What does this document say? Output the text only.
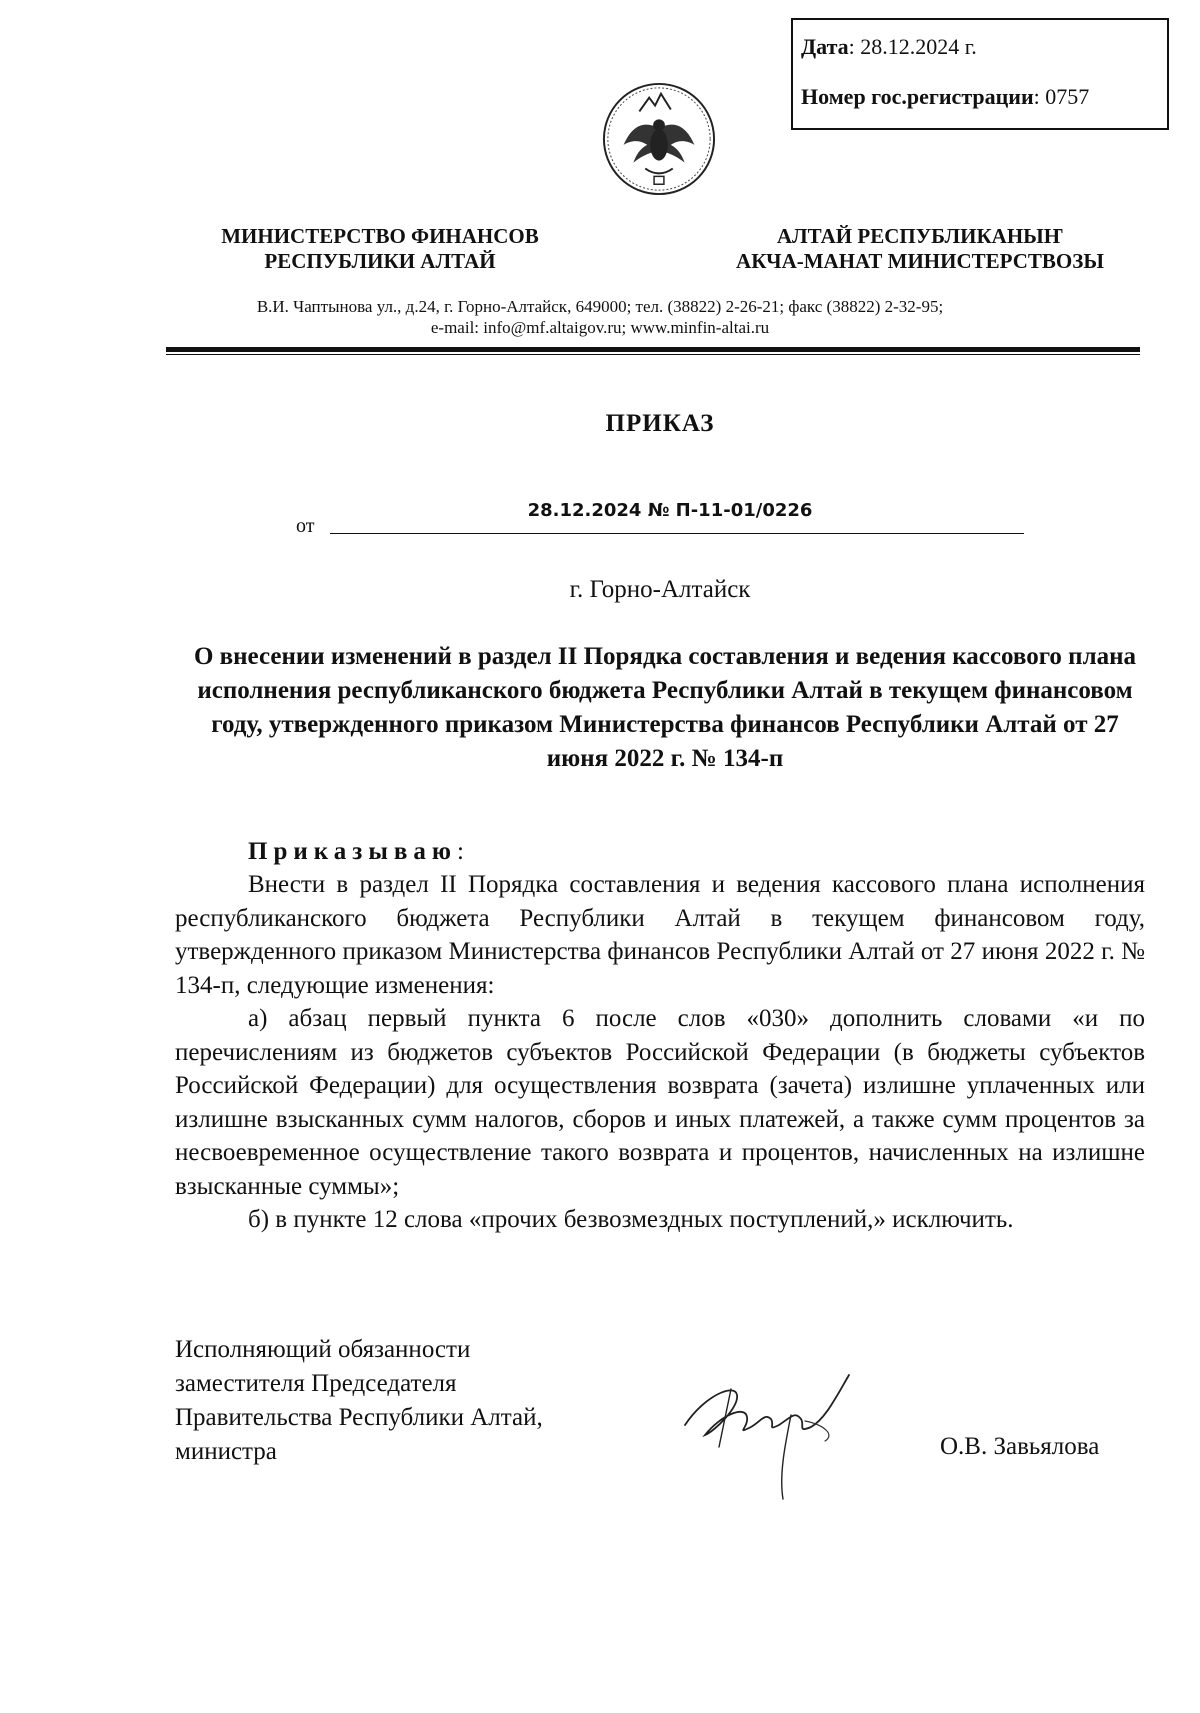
Дата: 28.12.2024 г.
Номер гос.регистрации: 0757
МИНИСТЕРСТВО ФИНАНСОВ
РЕСПУБЛИКИ АЛТАЙ
АЛТАЙ РЕСПУБЛИКАНЫҤ
АКЧА-МАНАТ МИНИСТЕРСТВОЗЫ
В.И. Чаптынова ул., д.24, г. Горно-Алтайск, 649000; тел. (38822) 2-26-21; факс (38822) 2-32-95;
e-mail: info@mf.altaigov.ru; www.minfin-altai.ru
ПРИКАЗ
от
28.12.2024 № П-11-01/0226
г. Горно-Алтайск
О внесении изменений в раздел II Порядка составления и ведения кассового плана исполнения республиканского бюджета Республики Алтай в текущем финансовом году, утвержденного приказом Министерства финансов Республики Алтай от 27 июня 2022 г. № 134-п
Приказываю:

Внести в раздел II Порядка составления и ведения кассового плана исполнения республиканского бюджета Республики Алтай в текущем финансовом году, утвержденного приказом Министерства финансов Республики Алтай от 27 июня 2022 г. № 134-п, следующие изменения:

а) абзац первый пункта 6 после слов «030» дополнить словами «и по перечислениям из бюджетов субъектов Российской Федерации (в бюджеты субъектов Российской Федерации) для осуществления возврата (зачета) излишне уплаченных или излишне взысканных сумм налогов, сборов и иных платежей, а также сумм процентов за несвоевременное осуществление такого возврата и процентов, начисленных на излишне взысканные суммы»;

б) в пункте 12 слова «прочих безвозмездных поступлений,» исключить.

Исполняющий обязанности
заместителя Председателя
Правительства Республики Алтай,
министра	О.В. Завьялова
